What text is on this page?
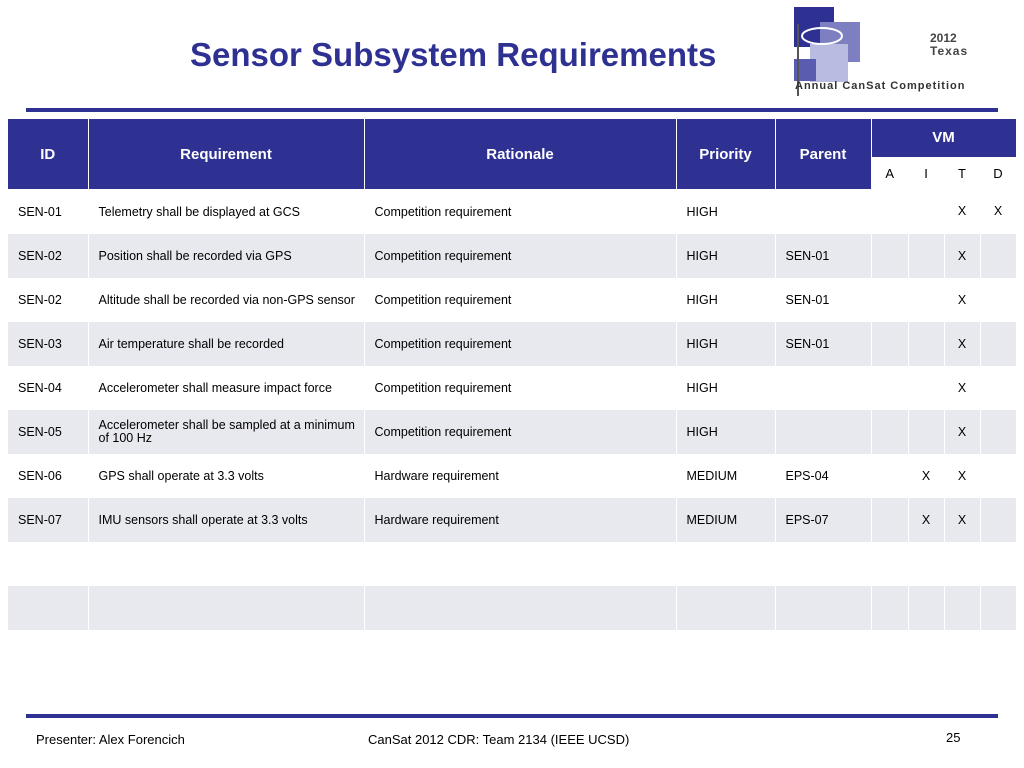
Sensor Subsystem Requirements	2012
Texas
Annual CanSat Competition
ID	Requirement	Rationale	Priority	Parent	VM			
					A	I	T	D
SEN-01	Telemetry shall be displayed at GCS	Competition requirement	HIGH				X	X
SEN-02	Position shall be recorded via GPS	Competition requirement	HIGH	SEN-01			X	
SEN-02	Altitude shall be recorded via non-GPS sensor	Competition requirement	HIGH	SEN-01			X	
SEN-03	Air temperature shall be recorded	Competition requirement	HIGH	SEN-01			X	
SEN-04	Accelerometer shall measure impact force	Competition requirement	HIGH				X	
SEN-05	Accelerometer shall be sampled at a minimum of 100 Hz	Competition requirement	HIGH				X	
SEN-06	GPS shall operate at 3.3 volts	Hardware requirement	MEDIUM	EPS-04		X	X	
SEN-07	IMU sensors shall operate at 3.3 volts	Hardware requirement	MEDIUM	EPS-07		X	X	

Presenter: Alex Forencich	CanSat 2012 CDR: Team 2134 (IEEE UCSD)	25
